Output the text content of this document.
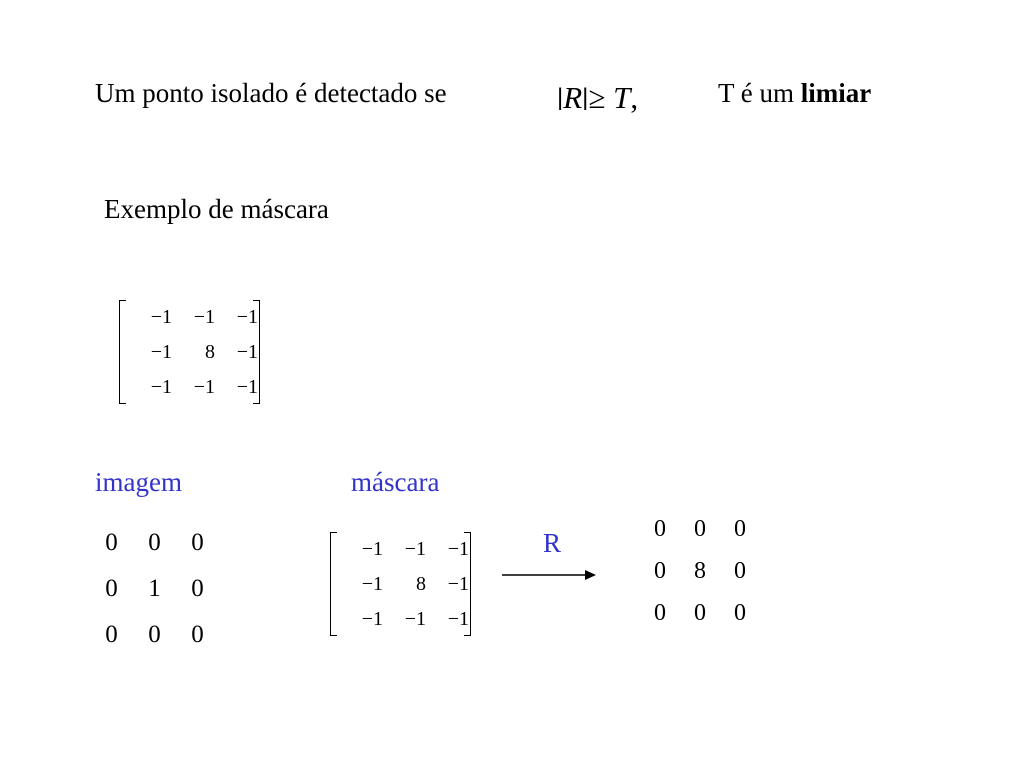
Um ponto isolado é detectado se	|R|≥ T,	T é um limiar
Exemplo de máscara
−1	−1	−1
−1	8	−1
−1	−1	−1
imagem	máscara
R
0	0	0
0	1	0
0	0	0
−1	−1	−1
−1	8	−1
−1	−1	−1
0	0	0
0	8	0
0	0	0
